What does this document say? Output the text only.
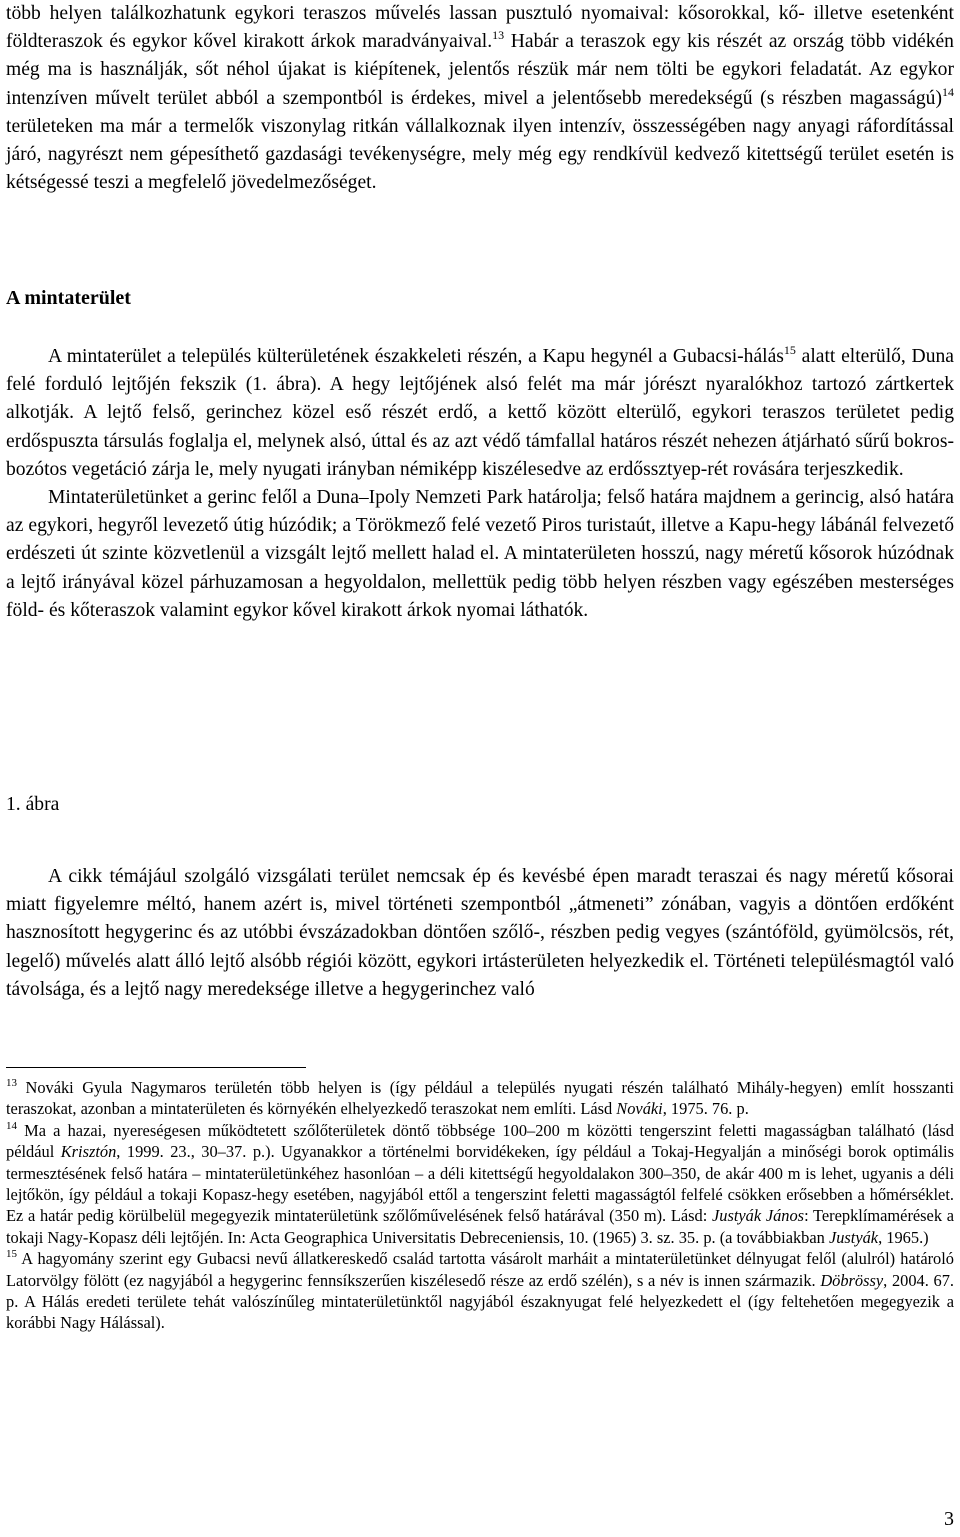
több helyen találkozhatunk egykori teraszos művelés lassan pusztuló nyomaival: kősorokkal, kő- illetve esetenként földteraszok és egykor kővel kirakott árkok maradványaival.$^{13}$ Habár a teraszok egy kis részét az ország több vidékén még ma is használják, sőt néhol újakat is kiépítenek, jelentős részük már nem tölti be egykori feladatát. Az egykor intenzíven művelt terület abból a szempontból is érdekes, mivel a jelentősebb meredekségű (s részben magasságú)$^{14}$ területeken ma már a termelők viszonylag ritkán vállalkoznak ilyen intenzív, összességében nagy anyagi ráfordítással járó, nagyrészt nem gépesíthető gazdasági tevékenységre, mely még egy rendkívül kedvező kitettségű terület esetén is kétségessé teszi a megfelelő jövedelmezőséget.

A mintaterület

A mintaterület a település külterületének északkeleti részén, a Kapu hegynél a Gubacsi-hálás$^{15}$ alatt elterülő, Duna felé forduló lejtőjén fekszik (1. ábra). A hegy lejtőjének alsó felét ma már jórészt nyaralókhoz tartozó zártkertek alkotják. A lejtő felső, gerinchez közel eső részét erdő, a kettő között elterülő, egykori teraszos területet pedig erdőspuszta társulás foglalja el, melynek alsó, úttal és az azt védő támfallal határos részét nehezen átjárható sűrű bokros-bozótos vegetáció zárja le, mely nyugati irányban némiképp kiszélesedve az erdőssztyep-rét rovására terjeszkedik.

Mintaterületünket a gerinc felől a Duna–Ipoly Nemzeti Park határolja; felső határa majdnem a gerincig, alsó határa az egykori, hegyről levezető útig húzódik; a Törökmező felé vezető Piros turistaút, illetve a Kapu-hegy lábánál felvezető erdészeti út szinte közvetlenül a vizsgált lejtő mellett halad el. A mintaterületen hosszú, nagy méretű kősorok húzódnak a lejtő irányával közel párhuzamosan a hegyoldalon, mellettük pedig több helyen részben vagy egészében mesterséges föld- és kőteraszok valamint egykor kővel kirakott árkok nyomai láthatók.

1. ábra

A cikk témájául szolgáló vizsgálati terület nemcsak ép és kevésbé épen maradt teraszai és nagy méretű kősorai miatt figyelemre méltó, hanem azért is, mivel történeti szempontból „átmeneti” zónában, vagyis a döntően erdőként hasznosított hegygerinc és az utóbbi évszázadokban döntően szőlő-, részben pedig vegyes (szántóföld, gyümölcsös, rét, legelő) művelés alatt álló lejtő alsóbb régiói között, egykori irtásterületen helyezkedik el. Történeti településmagtól való távolsága, és a lejtő nagy meredeksége illetve a hegygerinchez való

$^{13}$ Nováki Gyula Nagymaros területén több helyen is (így például a település nyugati részén található Mihály-hegyen) említ hosszanti teraszokat, azonban a mintaterületen és környékén elhelyezkedő teraszokat nem említi. Lásd Nováki, 1975. 76. p.

$^{14}$ Ma a hazai, nyereségesen működtetett szőlőterületek döntő többsége 100–200 m közötti tengerszint feletti magasságban található (lásd például Krisztón, 1999. 23., 30–37. p.). Ugyanakkor a történelmi borvidékeken, így például a Tokaj-Hegyalján a minőségi borok optimális termesztésének felső határa – mintaterületünkéhez hasonlóan – a déli kitettségű hegyoldalakon 300–350, de akár 400 m is lehet, ugyanis a déli lejtőkön, így például a tokaji Kopasz-hegy esetében, nagyjából ettől a tengerszint feletti magasságtól felfelé csökken erősebben a hőmérséklet. Ez a határ pedig körülbelül megegyezik mintaterületünk szőlőművelésének felső határával (350 m). Lásd: Justyák János: Terepklímamérések a tokaji Nagy-Kopasz déli lejtőjén. In: Acta Geographica Universitatis Debreceniensis, 10. (1965) 3. sz. 35. p. (a továbbiakban Justyák, 1965.)

$^{15}$ A hagyomány szerint egy Gubacsi nevű állatkereskedő család tartotta vásárolt marháit a mintaterületünket délnyugat felől (alulról) határoló Latorvölgy fölött (ez nagyjából a hegygerinc fennsíkszerűen kiszélesedő része az erdő szélén), s a név is innen származik. Döbrössy, 2004. 67. p. A Hálás eredeti területe tehát valószínűleg mintaterületünktől nagyjából északnyugat felé helyezkedett el (így feltehetően megegyezik a korábbi Nagy Hálással).

3
